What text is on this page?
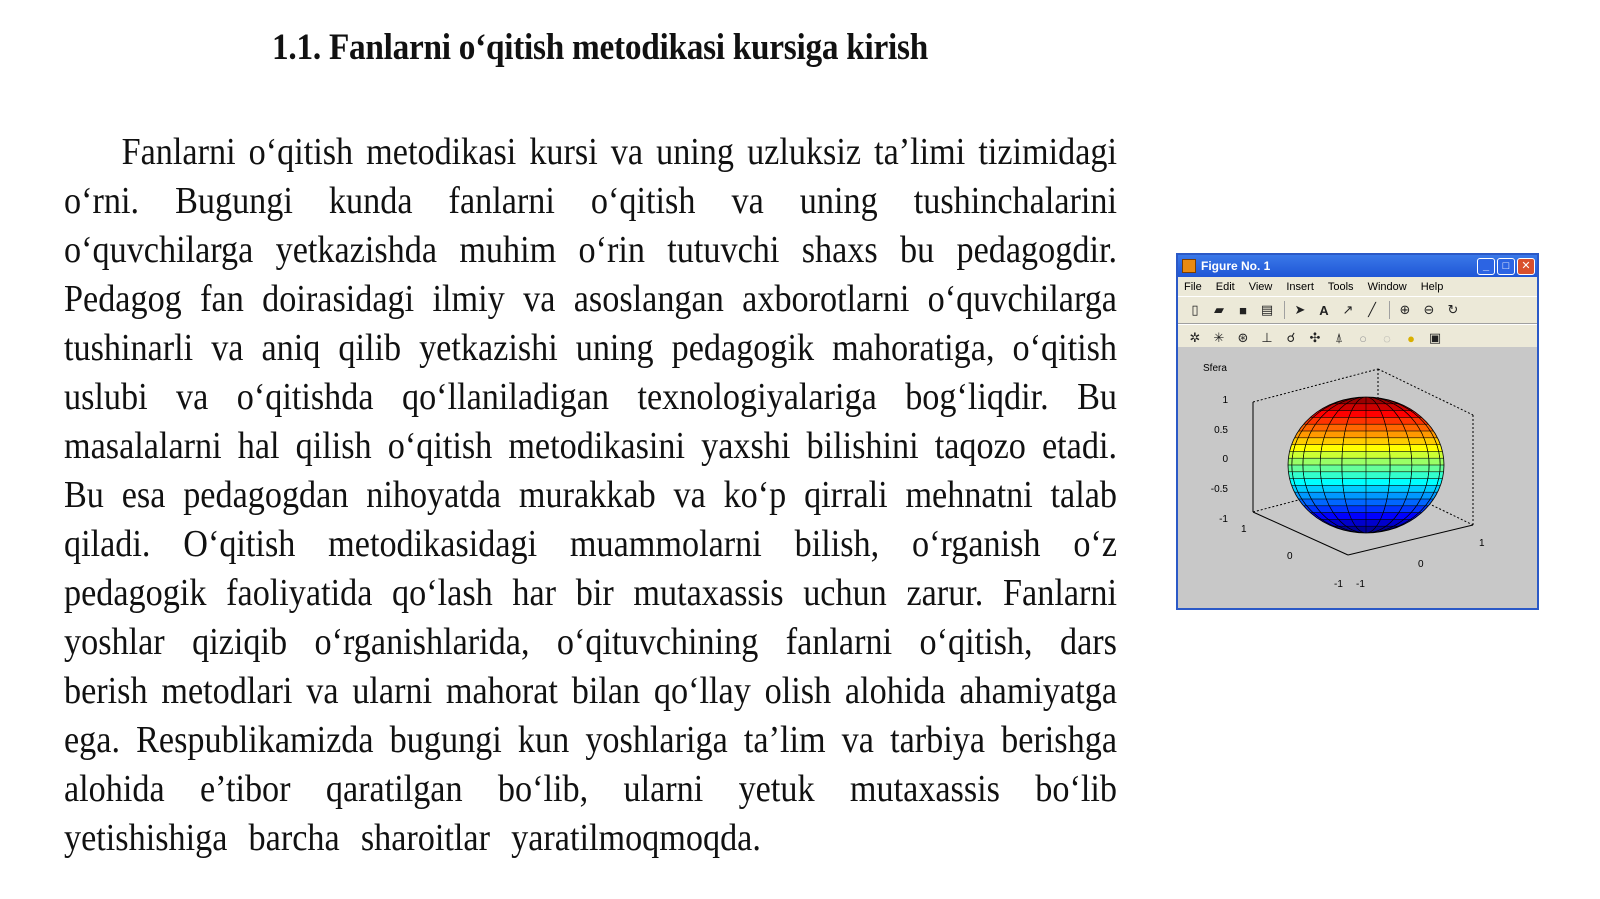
1.1. Fanlarni o‘qitish metodikasi kursiga kirish
Fanlarni o‘qitish metodikasi kursi va uning uzluksiz ta’limi tizimidagi
o‘rni. Bugungi kunda fanlarni o‘qitish va uning tushinchalarini
o‘quvchilarga yetkazishda muhim o‘rin tutuvchi shaxs bu pedagogdir.
Pedagog fan doirasidagi ilmiy va asoslangan axborotlarni o‘quvchilarga
tushinarli va aniq qilib yetkazishi uning pedagogik mahoratiga, o‘qitish
uslubi va o‘qitishda qo‘llaniladigan texnologiyalariga bog‘liqdir. Bu
masalalarni hal qilish o‘qitish metodikasini yaxshi bilishini taqozo etadi.
Bu esa pedagogdan nihoyatda murakkab va ko‘p qirrali mehnatni talab
qiladi. O‘qitish metodikasidagi muammolarni bilish, o‘rganish o‘z
pedagogik faoliyatida qo‘lash har bir mutaxassis uchun zarur. Fanlarni
yoshlar qiziqib o‘rganishlarida, o‘qituvchining fanlarni o‘qitish, dars
berish metodlari va ularni mahorat bilan qo‘llay olish alohida ahamiyatga
ega. Respublikamizda bugungi kun yoshlariga ta’lim va tarbiya berishga
alohida e’tibor qaratilgan bo‘lib, ularni yetuk mutaxassis bo‘lib
yetishishiga barcha sharoitlar yaratilmoqmoqda.
Figure No. 1	_	□	✕
File Edit View Insert Tools Window Help
▯	▰	■	▤ ➤ A ↗	╱	⊕ ⊖ ↻
✲ ✳ ⊛ ⊥	☌	✣	⍋	○	◌	●	▣
Sfera
1
0.5
0
-0.5
-1
1
0
-1
1
0
-1
